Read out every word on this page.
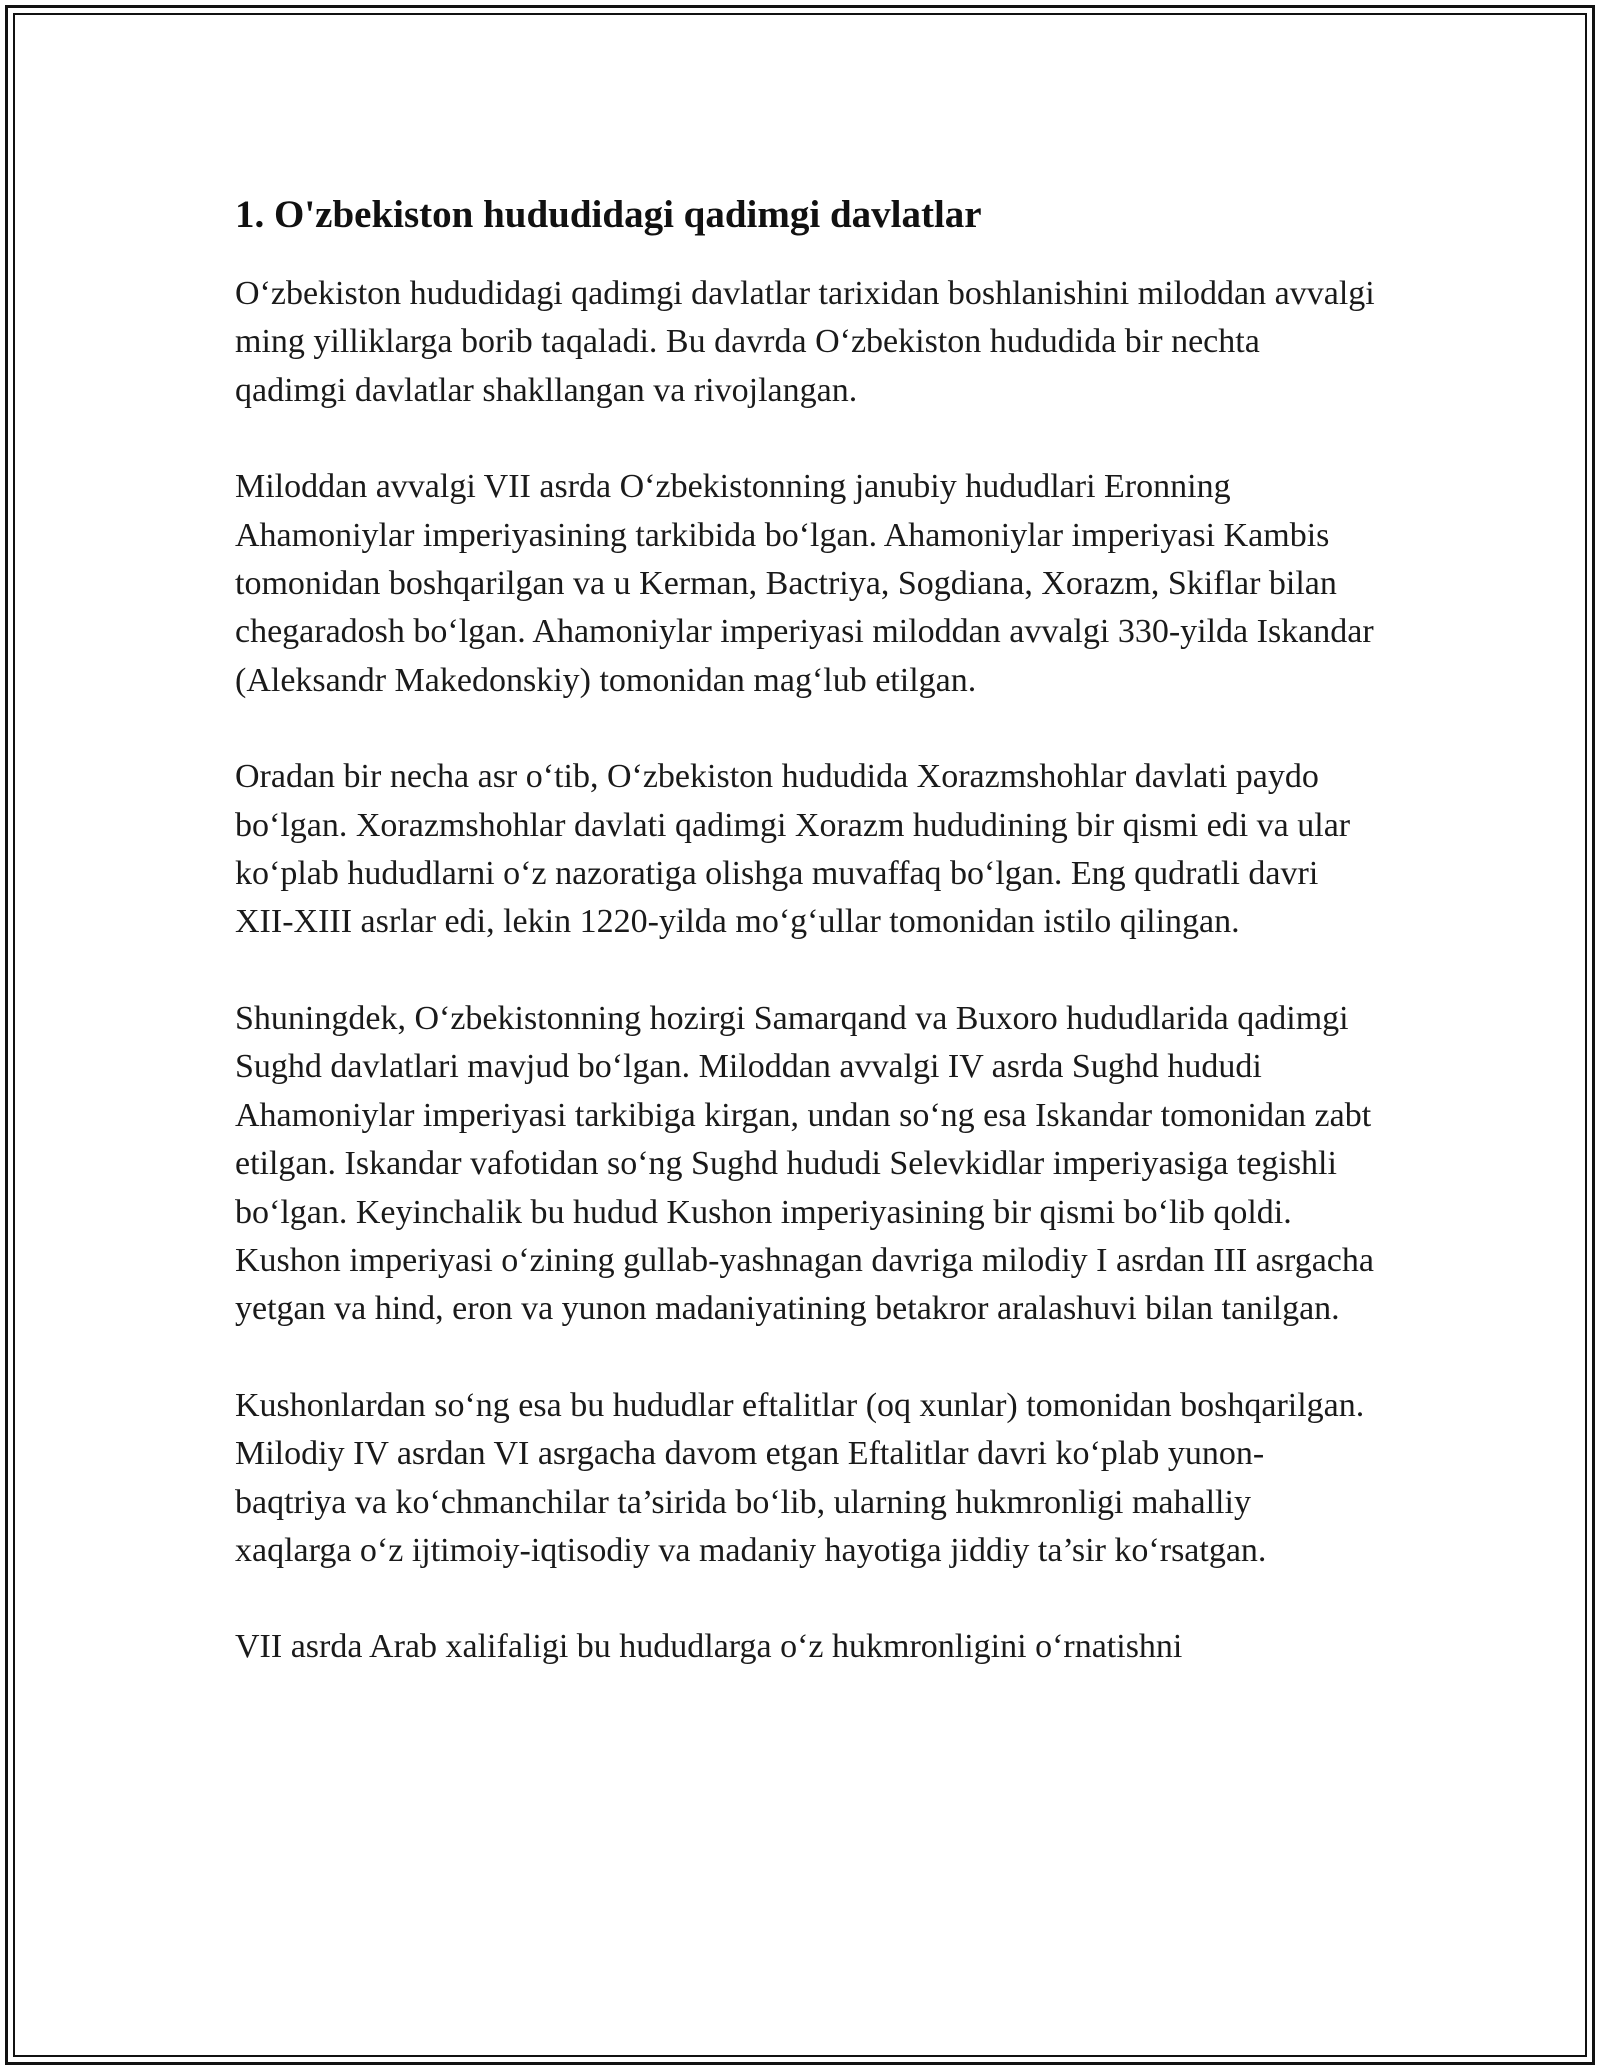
1. O'zbekiston hududidagi qadimgi davlatlar

O‘zbekiston hududidagi qadimgi davlatlar tarixidan boshlanishini miloddan avvalgi ming yilliklarga borib taqaladi. Bu davrda O‘zbekiston hududida bir nechta qadimgi davlatlar shakllangan va rivojlangan.

Miloddan avvalgi VII asrda O‘zbekistonning janubiy hududlari Eronning Ahamoniylar imperiyasining tarkibida bo‘lgan. Ahamoniylar imperiyasi Kambis tomonidan boshqarilgan va u Kerman, Bactriya, Sogdiana, Xorazm, Skiflar bilan chegaradosh bo‘lgan. Ahamoniylar imperiyasi miloddan avvalgi 330-yilda Iskandar (Aleksandr Makedonskiy) tomonidan mag‘lub etilgan.

Oradan bir necha asr o‘tib, O‘zbekiston hududida Xorazmshohlar davlati paydo bo‘lgan. Xorazmshohlar davlati qadimgi Xorazm hududining bir qismi edi va ular ko‘plab hududlarni o‘z nazoratiga olishga muvaffaq bo‘lgan. Eng qudratli davri XII-XIII asrlar edi, lekin 1220-yilda mo‘g‘ullar tomonidan istilo qilingan.

Shuningdek, O‘zbekistonning hozirgi Samarqand va Buxoro hududlarida qadimgi Sughd davlatlari mavjud bo‘lgan. Miloddan avvalgi IV asrda Sughd hududi Ahamoniylar imperiyasi tarkibiga kirgan, undan so‘ng esa Iskandar tomonidan zabt etilgan. Iskandar vafotidan so‘ng Sughd hududi Selevkidlar imperiyasiga tegishli bo‘lgan. Keyinchalik bu hudud Kushon imperiyasining bir qismi bo‘lib qoldi. Kushon imperiyasi o‘zining gullab-yashnagan davriga milodiy I asrdan III asrgacha yetgan va hind, eron va yunon madaniyatining betakror aralashuvi bilan tanilgan.

Kushonlardan so‘ng esa bu hududlar eftalitlar (oq xunlar) tomonidan boshqarilgan. Milodiy IV asrdan VI asrgacha davom etgan Eftalitlar davri ko‘plab yunon-baqtriya va ko‘chmanchilar ta’sirida bo‘lib, ularning hukmronligi mahalliy xaqlarga o‘z ijtimoiy-iqtisodiy va madaniy hayotiga jiddiy ta’sir ko‘rsatgan.

VII asrda Arab xalifaligi bu hududlarga o‘z hukmronligini o‘rnatishni
